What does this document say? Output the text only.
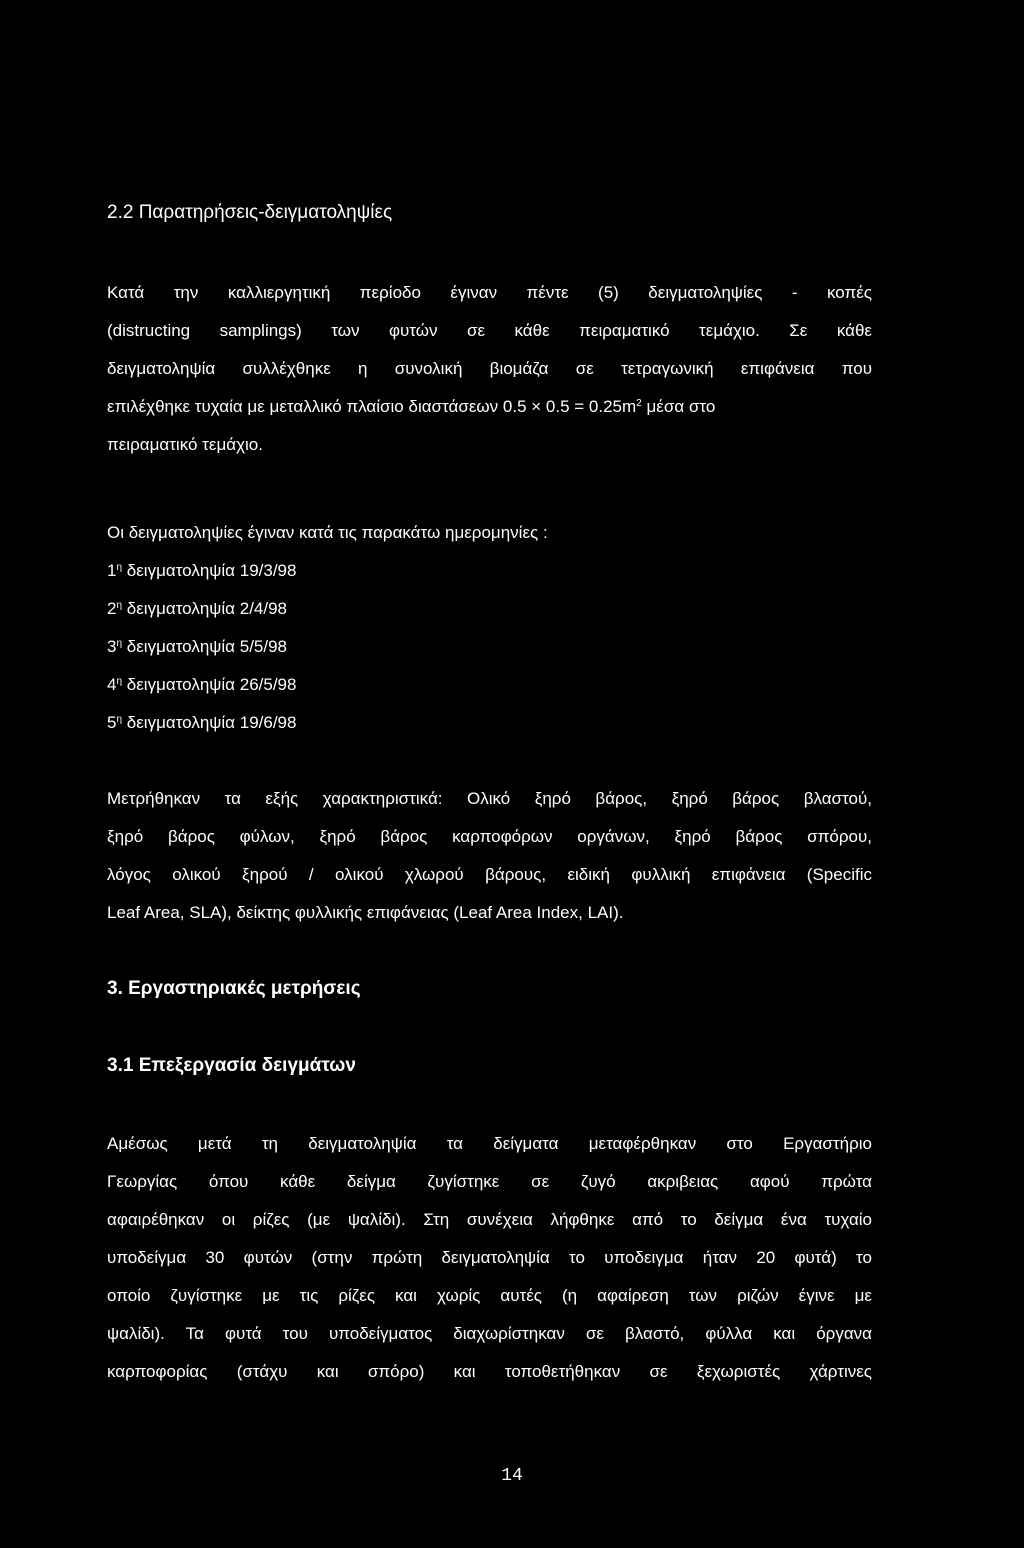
2.2 Παρατηρήσεις-δειγματοληψίες
Κατά την καλλιεργητική περίοδο έγιναν πέντε (5) δειγματοληψίες - κοπές
(distructing samplings) των φυτών σε κάθε πειραματικό τεμάχιο. Σε κάθε
δειγματοληψία συλλέχθηκε η συνολική βιομάζα σε τετραγωνική επιφάνεια που
επιλέχθηκε τυχαία με μεταλλικό πλαίσιο διαστάσεων $0.5 \times 0.5 = 0.25m^2$ μέσα στο
πειραματικό τεμάχιο.
Οι δειγματοληψίες έγιναν κατά τις παρακάτω ημερομηνίες :
$1^\eta$ δειγματοληψία 19/3/98
$2^\eta$ δειγματοληψία 2/4/98
$3^\eta$ δειγματοληψία 5/5/98
$4^\eta$ δειγματοληψία 26/5/98
$5^\eta$ δειγματοληψία 19/6/98
Μετρήθηκαν τα εξής χαρακτηριστικά: Ολικό ξηρό βάρος, ξηρό βάρος βλαστού,
ξηρό βάρος φύλων, ξηρό βάρος καρποφόρων οργάνων, ξηρό βάρος σπόρου,
λόγος ολικού ξηρού / ολικού χλωρού βάρους, ειδική φυλλική επιφάνεια (Specific
Leaf Area, SLA), δείκτης φυλλικής επιφάνειας (Leaf Area Index, LAI).
3. Εργαστηριακές μετρήσεις
3.1 Επεξεργασία δειγμάτων
Αμέσως μετά τη δειγματοληψία τα δείγματα μεταφέρθηκαν στο Εργαστήριο
Γεωργίας όπου κάθε δείγμα ζυγίστηκε σε ζυγό ακριβειας αφού πρώτα
αφαιρέθηκαν οι ρίζες (με ψαλίδι). Στη συνέχεια λήφθηκε από το δείγμα ένα τυχαίο
υποδείγμα 30 φυτών (στην πρώτη δειγματοληψία το υποδειγμα ήταν 20 φυτά) το
οποίο ζυγίστηκε με τις ρίζες και χωρίς αυτές (η αφαίρεση των ριζών έγινε με
ψαλίδι). Τα φυτά του υποδείγματος διαχωρίστηκαν σε βλαστό, φύλλα και όργανα
καρποφορίας (στάχυ και σπόρο) και τοποθετήθηκαν σε ξεχωριστές χάρτινες
14
